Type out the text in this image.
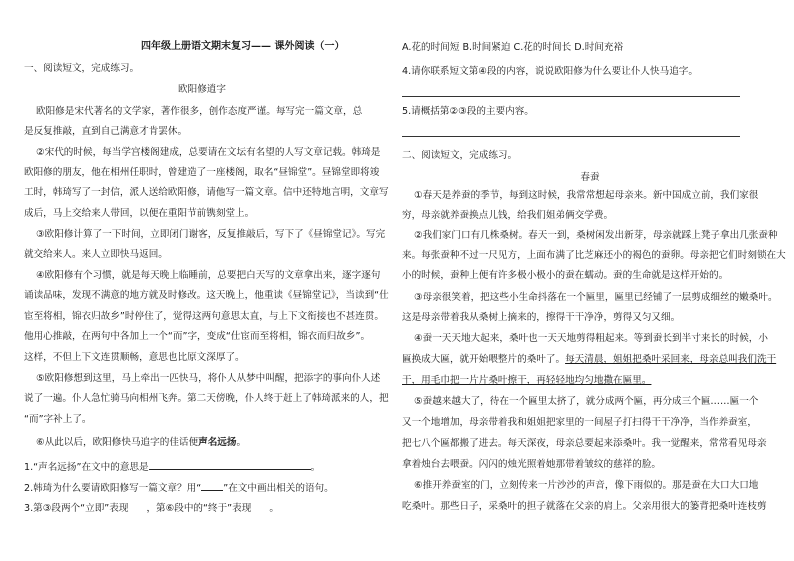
四年级上册语文期末复习—— 课外阅读（一）
一、阅读短文，完成练习。
欧阳修逍字
欧阳修是宋代著名的文学家，著作很多，创作态度严谨。每写完一篇文章，总
是反复推敲，直到自己满意才肯罢休。
②宋代的时候，每当学宫楼阁建成，总要请在文坛有名望的人写文章记载。韩琦是
欧阳修的朋友，他在相州任职时，曾建造了一座楼阁，取名“昼锦堂”。昼锦堂即将竣
工时，韩琦写了一封信，派人送给欧阳修，请他写一篇文章。信中还特地言明，文章写
成后，马上交给来人带回，以便在重阳节前镌刻堂上。
③欧阳修计算了一下时间，立即闭门谢客，反复推敲后，写下了《昼锦堂记》。写完
就交给来人。来人立即快马返回。
④欧阳修有个习惯，就是每天晚上临睡前，总要把白天写的文章拿出来，逐字逐句
诵读品味，发现不满意的地方就及时修改。这天晚上，他重读《昼锦堂记》，当读到“仕
宦至将相，锦衣归故乡”时停住了，觉得这两句意思太直，与上下文衔接也不甚连贯。
他用心推敲，在两句中各加上一个“而”字，变成“仕宦而至将相，锦衣而归故乡”。
这样，不但上下文连贯顺畅，意思也比原文深厚了。
⑤欧阳修想到这里，马上牵出一匹快马，将仆人从梦中叫醒，把添字的事向仆人述
说了一遍。仆人急忙骑马向相州飞奔。第二天傍晚，仆人终于赶上了韩琦派来的人，把
“而”字补上了。
⑥从此以后，欧阳修快马追字的佳话便声名远扬。
1.“声名远扬”在文中的意思是	。
2.韩琦为什么要请欧阳修写一篇文章？用“ ”在文中画出相关的语句。
3.第③段两个“立即”表现 ，第⑥段中的“终于”表现 。
A.花的时间短 B.时间紧迫 C.花的时间长 D.时间充裕
4.请你联系短文第④段的内容，说说欧阳修为什么要让仆人快马追字。
5.请概括第②③段的主要内容。
二、阅读短文，完成练习。
春蚕
①春天是养蚕的季节，每到这时候，我常常想起母亲来。新中国成立前，我们家很
穷，母亲就养蚕换点儿钱，给我们姐弟俩交学费。
②我们家门口有几株桑树。春天一到，桑树闲发出新芽，母亲就踩上凳子拿出几张蚕种
来。每张蚕种不过一尺见方，上面布满了比芝麻还小的褐色的蚕卵。母亲把它们时刻锁在大
小的时候，蚕种上便有许多极小极小的蚕在蠕动。蚕的生命就是这样开始的。
③母亲很笑着，把这些小生命抖落在一个匾里，匾里已经铺了一层剪成细丝的嫩桑叶。
这是母亲带着我从桑树上摘来的，擦得干干净净，剪得又匀又细。
④蚕一天天地大起来，桑叶也一天天地剪得粗起来。等到蚕长到半寸来长的时候，小
匾换成大匾，就开始喂整片的桑叶了。每天清晨，姐姐把桑叶采回来，母亲总叫我们洗干
干，用毛巾把一片片桑叶擦干，再轻轻地均匀地撒在匾里。
⑤蚕越来越大了，待在一个匾里太挤了，就分成两个匾，再分成三个匾……匾一个
又一个地增加，母亲带着我和姐姐把家里的一间屋子打扫得干干净净，当作养蚕室，
把七八个匾都搬了进去。每天深夜，母亲总要起来添桑叶。我一觉醒来，常常看见母亲
拿着烛台去喂蚕。闪闪的烛光照着她那带着皱纹的慈祥的脸。
⑥推开养蚕室的门，立刻传来一片沙沙的声音，像下雨似的。那是蚕在大口大口地
吃桑叶。那些日子，采桑叶的担子就落在父亲的肩上。父亲用很大的篓背把桑叶连枝剪
